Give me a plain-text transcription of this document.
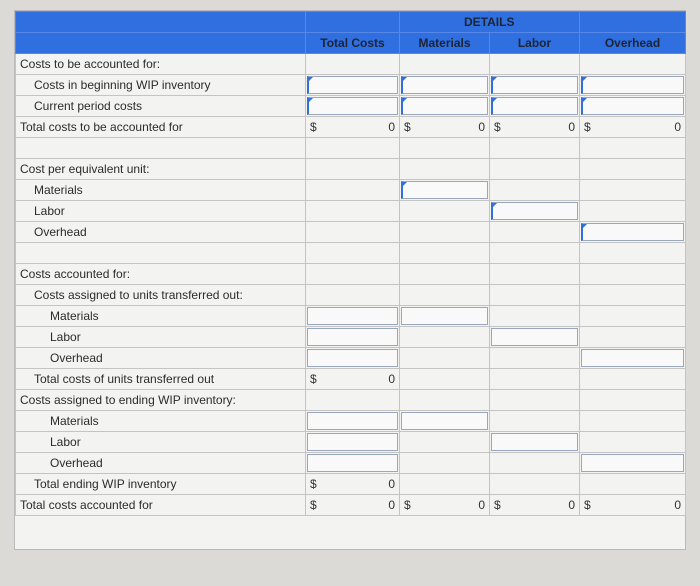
			DETAILS	
	Total Costs	Materials	Labor	Overhead
Costs to be accounted for:				
Costs in beginning WIP inventory	

Current period costs	

Total costs to be accounted for	$ 0	$ 0	$ 0	$ 0

Cost per equivalent unit:				
Materials		

Labor			

Overhead				

Costs accounted for:				
Costs assigned to units transferred out:				
Materials	

Labor	

Overhead	

Total costs of units transferred out	$ 0			

Costs assigned to ending WIP inventory:				
Materials	

Labor	

Overhead	

Total ending WIP inventory	$ 0			

Total costs accounted for	$ 0	$ 0	$ 0	$ 0
